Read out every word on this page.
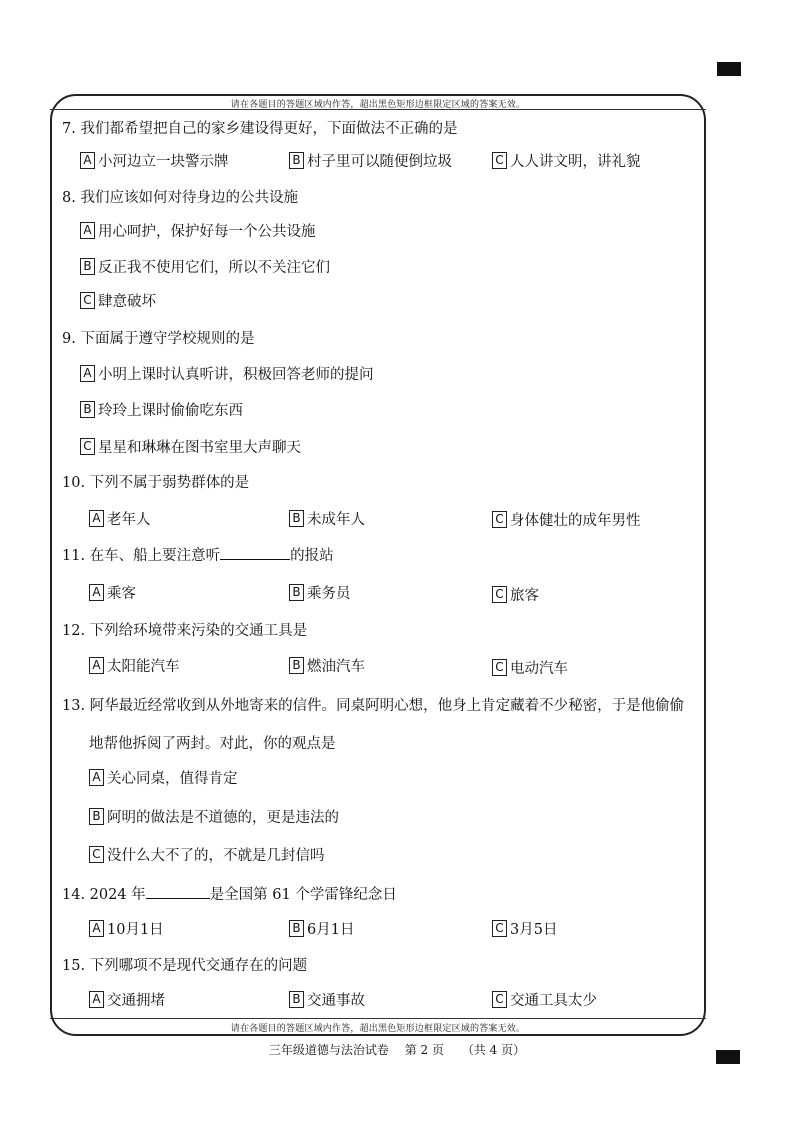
请在各题目的答题区域内作答，超出黑色矩形边框限定区域的答案无效。
请在各题目的答题区域内作答，超出黑色矩形边框限定区域的答案无效。
7. 我们都希望把自己的家乡建设得更好，下面做法不正确的是
A 小河边立一块警示牌	B 村子里可以随便倒垃圾	C 人人讲文明，讲礼貌
8. 我们应该如何对待身边的公共设施
A 用心呵护，保护好每一个公共设施
B 反正我不使用它们，所以不关注它们
C 肆意破坏
9. 下面属于遵守学校规则的是
A 小明上课时认真听讲，积极回答老师的提问
B 玲玲上课时偷偷吃东西
C 星星和琳琳在图书室里大声聊天
10. 下列不属于弱势群体的是
A 老年人	B 未成年人	C 身体健壮的成年男性
11. 在车、船上要注意听	的报站
A 乘客	B 乘务员	C 旅客
12. 下列给环境带来污染的交通工具是
A 太阳能汽车	B 燃油汽车	C 电动汽车
13. 阿华最近经常收到从外地寄来的信件。同桌阿明心想，他身上肯定藏着不少秘密，于是他偷偷
地帮他拆阅了两封。对此，你的观点是
A 关心同桌，值得肯定
B 阿明的做法是不道德的，更是违法的
C 没什么大不了的，不就是几封信吗
14. 2024 年	是全国第 61 个学雷锋纪念日
A 10月1日	B 6月1日	C 3月5日
15. 下列哪项不是现代交通存在的问题
A 交通拥堵	B 交通事故	C 交通工具太少
三年级道德与法治试卷 第 2 页 （共 4 页）
